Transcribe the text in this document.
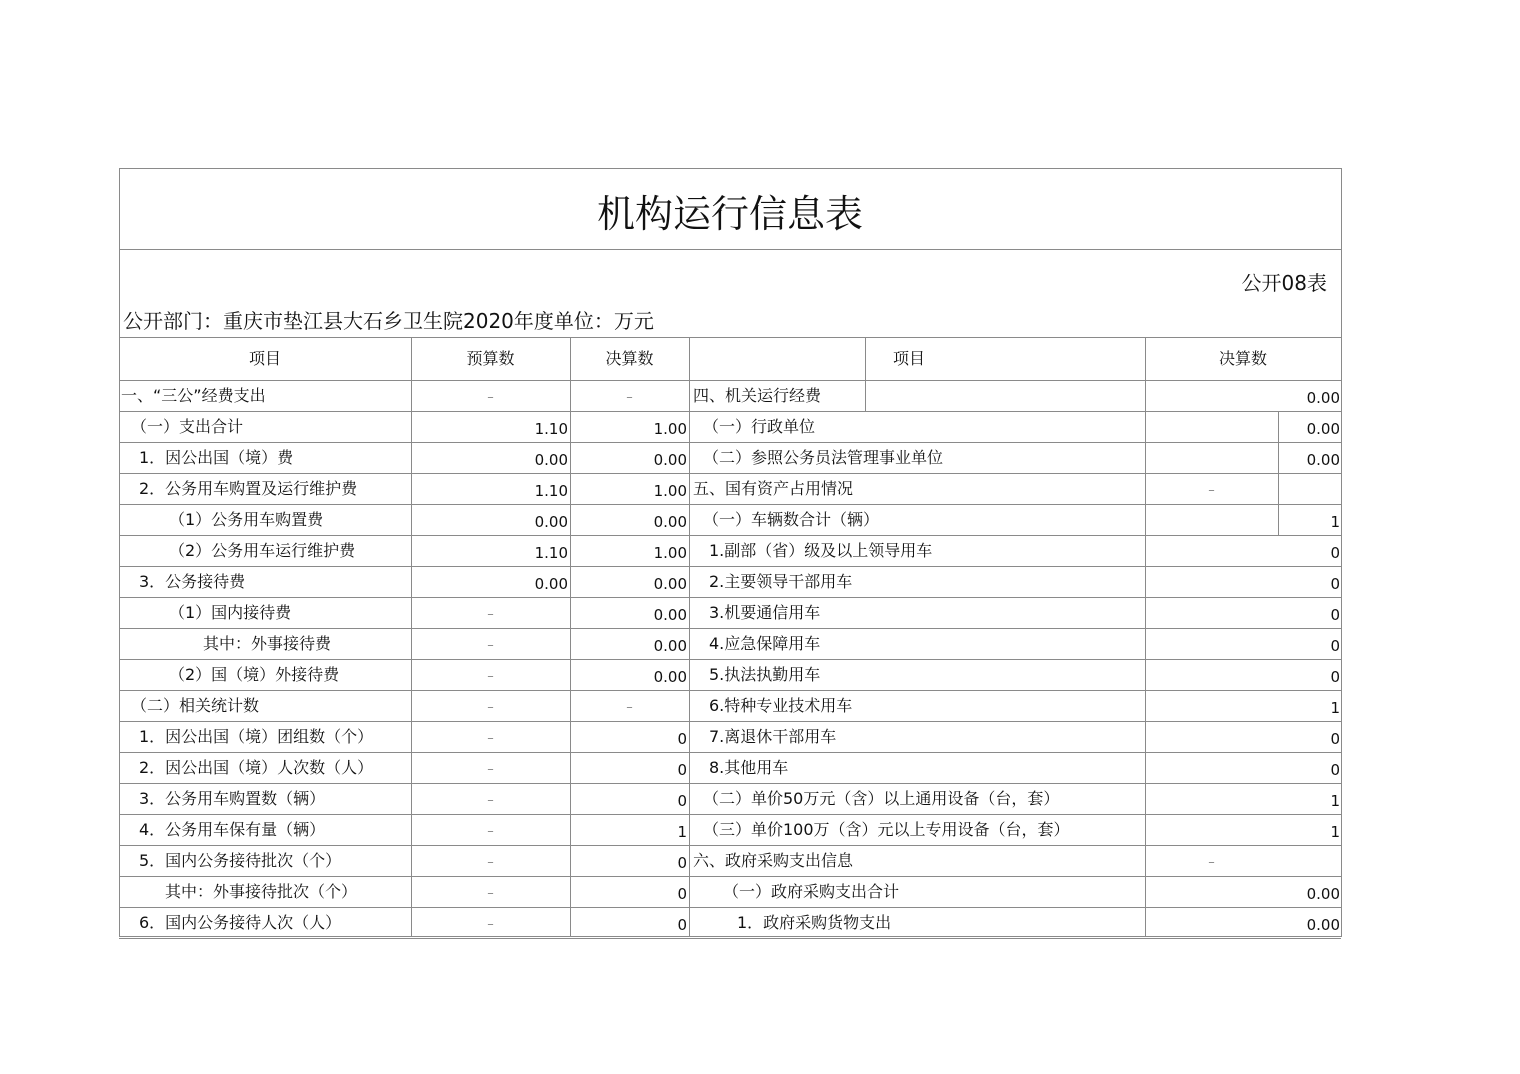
机构运行信息表
公开08表
公开部门：重庆市垫江县大石乡卫生院2020年度单位：万元
项目	预算数	决算数	项目	决算数
一、“三公”经费支出	–	–
（一）支出合计	1.10	1.00
1．因公出国（境）费	0.00	0.00
2．公务用车购置及运行维护费	1.10	1.00
（1）公务用车购置费	0.00	0.00
（2）公务用车运行维护费	1.10	1.00
3．公务接待费	0.00	0.00
（1）国内接待费	–	0.00
其中：外事接待费	–	0.00
（2）国（境）外接待费	–	0.00
（二）相关统计数	–	–
1．因公出国（境）团组数（个）	–	0
2．因公出国（境）人次数（人）	–	0
3．公务用车购置数（辆）	–	0
4．公务用车保有量（辆）	–	1
5．国内公务接待批次（个）	–	0
其中：外事接待批次（个）	–	0
6．国内公务接待人次（人）	–	0
四、机关运行经费	0.00
（一）行政单位	0.00
（二）参照公务员法管理事业单位	0.00
五、国有资产占用情况	–
（一）车辆数合计（辆）	1
1.副部（省）级及以上领导用车	0
2.主要领导干部用车	0
3.机要通信用车	0
4.应急保障用车	0
5.执法执勤用车	0
6.特种专业技术用车	1
7.离退休干部用车	0
8.其他用车	0
（二）单价50万元（含）以上通用设备（台，套）	1
（三）单价100万（含）元以上专用设备（台，套）	1
六、政府采购支出信息	–
（一）政府采购支出合计	0.00
1．政府采购货物支出	0.00
